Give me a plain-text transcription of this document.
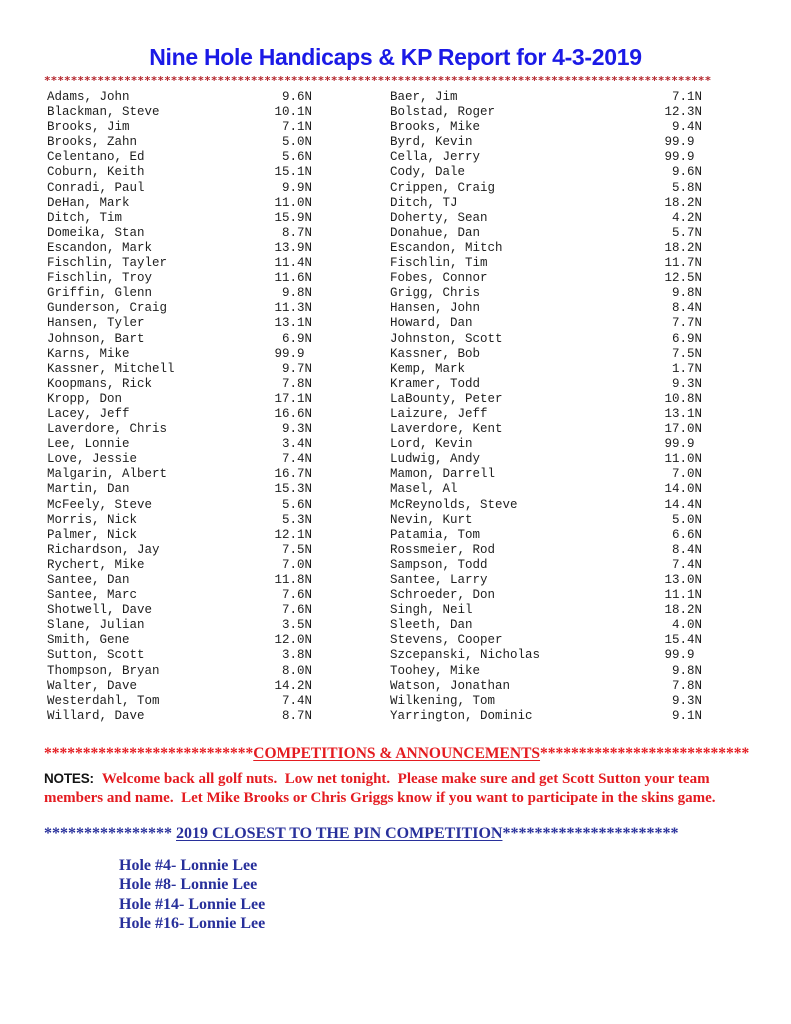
Nine Hole Handicaps & KP Report for 4-3-2019
****************************************************************************************************
Adams, John	9.6N
Blackman, Steve	10.1N
Brooks, Jim	7.1N
Brooks, Zahn	5.0N
Celentano, Ed	5.6N
Coburn, Keith	15.1N
Conradi, Paul	9.9N
DeHan, Mark	11.0N
Ditch, Tim	15.9N
Domeika, Stan	8.7N
Escandon, Mark	13.9N
Fischlin, Tayler	11.4N
Fischlin, Troy	11.6N
Griffin, Glenn	9.8N
Gunderson, Craig	11.3N
Hansen, Tyler	13.1N
Johnson, Bart	6.9N
Karns, Mike	99.9
Kassner, Mitchell	9.7N
Koopmans, Rick	7.8N
Kropp, Don	17.1N
Lacey, Jeff	16.6N
Laverdore, Chris	9.3N
Lee, Lonnie	3.4N
Love, Jessie	7.4N
Malgarin, Albert	16.7N
Martin, Dan	15.3N
McFeely, Steve	5.6N
Morris, Nick	5.3N
Palmer, Nick	12.1N
Richardson, Jay	7.5N
Rychert, Mike	7.0N
Santee, Dan	11.8N
Santee, Marc	7.6N
Shotwell, Dave	7.6N
Slane, Julian	3.5N
Smith, Gene	12.0N
Sutton, Scott	3.8N
Thompson, Bryan	8.0N
Walter, Dave	14.2N
Westerdahl, Tom	7.4N
Willard, Dave	8.7N
Baer, Jim	7.1N
Bolstad, Roger	12.3N
Brooks, Mike	9.4N
Byrd, Kevin	99.9
Cella, Jerry	99.9
Cody, Dale	9.6N
Crippen, Craig	5.8N
Ditch, TJ	18.2N
Doherty, Sean	4.2N
Donahue, Dan	5.7N
Escandon, Mitch	18.2N
Fischlin, Tim	11.7N
Fobes, Connor	12.5N
Grigg, Chris	9.8N
Hansen, John	8.4N
Howard, Dan	7.7N
Johnston, Scott	6.9N
Kassner, Bob	7.5N
Kemp, Mark	1.7N
Kramer, Todd	9.3N
LaBounty, Peter	10.8N
Laizure, Jeff	13.1N
Laverdore, Kent	17.0N
Lord, Kevin	99.9
Ludwig, Andy	11.0N
Mamon, Darrell	7.0N
Masel, Al	14.0N
McReynolds, Steve	14.4N
Nevin, Kurt	5.0N
Patamia, Tom	6.6N
Rossmeier, Rod	8.4N
Sampson, Todd	7.4N
Santee, Larry	13.0N
Schroeder, Don	11.1N
Singh, Neil	18.2N
Sleeth, Dan	4.0N
Stevens, Cooper	15.4N
Szcepanski, Nicholas	99.9
Toohey, Mike	9.8N
Watson, Jonathan	7.8N
Wilkening, Tom	9.3N
Yarrington, Dominic	9.1N
***************************COMPETITIONS & ANNOUNCEMENTS***************************
NOTES: Welcome back all golf nuts.  Low net tonight.  Please make sure and get Scott Sutton your team members and name.  Let Mike Brooks or Chris Griggs know if you want to participate in the skins game.
**************** 2019 CLOSEST TO THE PIN COMPETITION**********************
Hole #4- Lonnie Lee
Hole #8- Lonnie Lee
Hole #14- Lonnie Lee
Hole #16- Lonnie Lee
